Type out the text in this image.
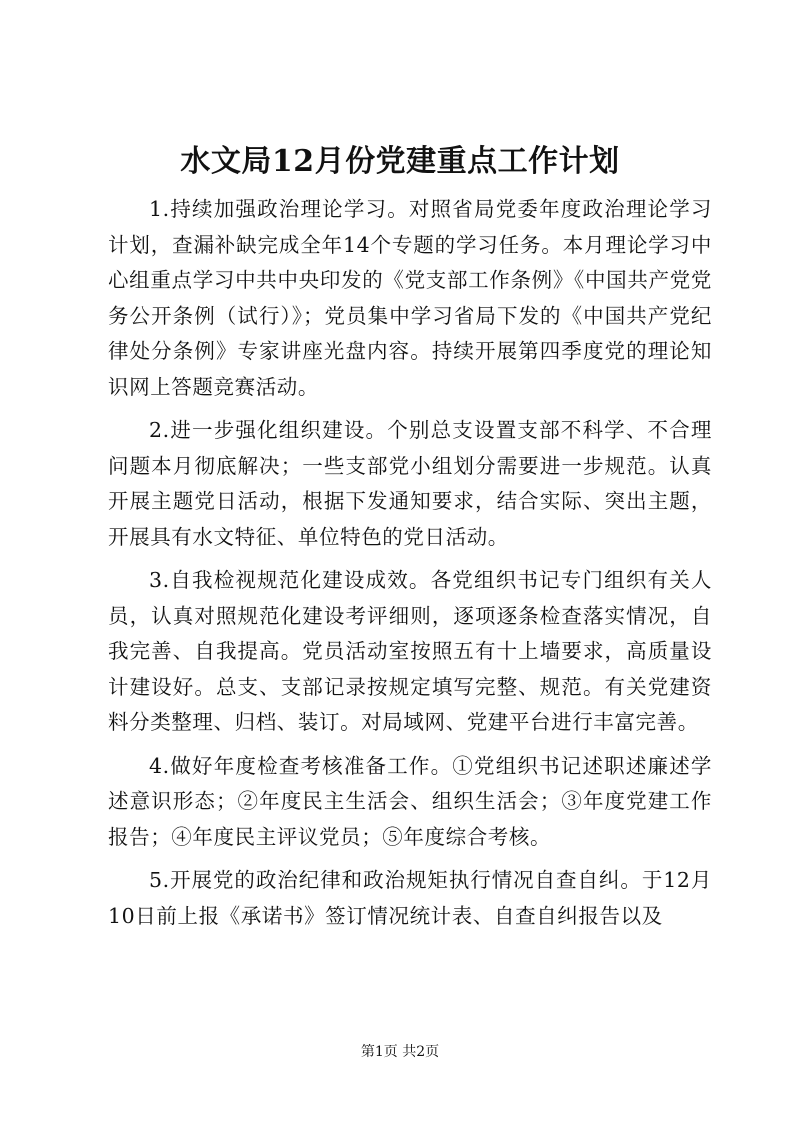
水文局12月份党建重点工作计划

1.持续加强政治理论学习。对照省局党委年度政治理论学习计划，查漏补缺完成全年14个专题的学习任务。本月理论学习中心组重点学习中共中央印发的《党支部工作条例》《中国共产党党务公开条例（试行）》；党员集中学习省局下发的《中国共产党纪律处分条例》专家讲座光盘内容。持续开展第四季度党的理论知识网上答题竞赛活动。

2.进一步强化组织建设。个别总支设置支部不科学、不合理问题本月彻底解决；一些支部党小组划分需要进一步规范。认真开展主题党日活动，根据下发通知要求，结合实际、突出主题，开展具有水文特征、单位特色的党日活动。

3.自我检视规范化建设成效。各党组织书记专门组织有关人员，认真对照规范化建设考评细则，逐项逐条检查落实情况，自我完善、自我提高。党员活动室按照五有十上墙要求，高质量设计建设好。总支、支部记录按规定填写完整、规范。有关党建资料分类整理、归档、装订。对局域网、党建平台进行丰富完善。

4.做好年度检查考核准备工作。①党组织书记述职述廉述学述意识形态；②年度民主生活会、组织生活会；③年度党建工作报告；④年度民主评议党员；⑤年度综合考核。

5.开展党的政治纪律和政治规矩执行情况自查自纠。于12月10日前上报《承诺书》签订情况统计表、自查自纠报告以及

第1页 共2页
